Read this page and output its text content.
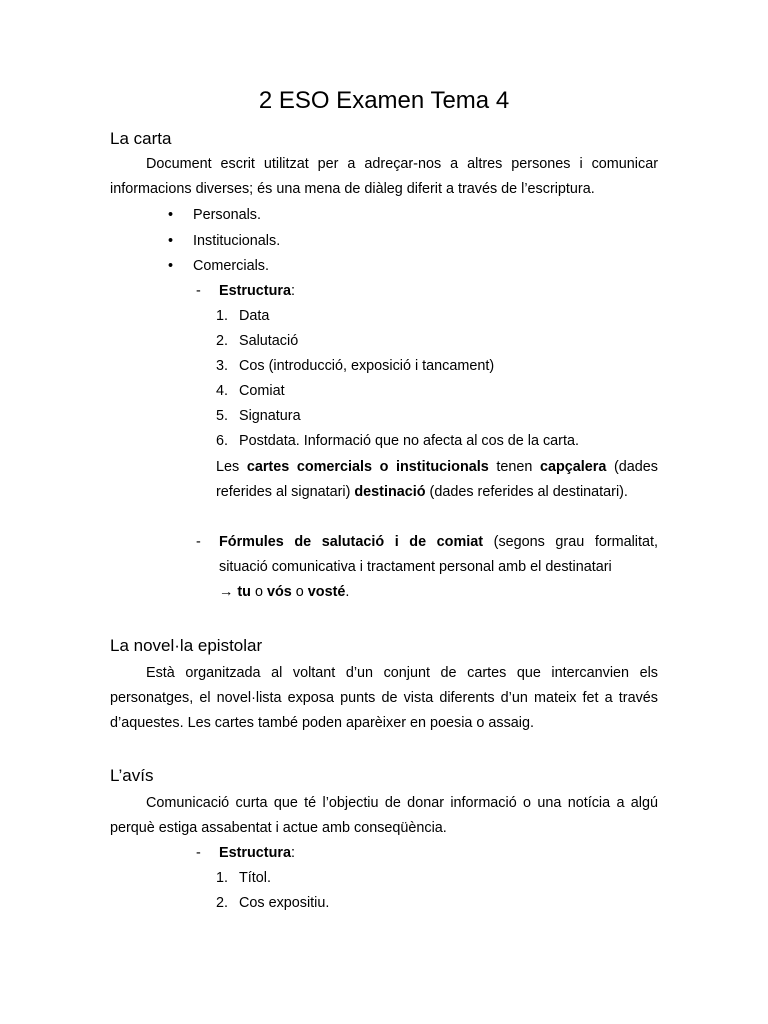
2 ESO Examen Tema 4
La carta
Document escrit utilitzat per a adreçar-nos a altres persones i comunicar informacions diverses; és una mena de diàleg diferit a través de l’escriptura.
• Personals.
• Institucionals.
• Comercials.
- Estructura:
1. Data
2. Salutació
3. Cos (introducció, exposició i tancament)
4. Comiat
5. Signatura
6. Postdata. Informació que no afecta al cos de la carta.
Les cartes comercials o institucionals tenen capçalera (dades referides al signatari) destinació (dades referides al destinatari).
- Fórmules de salutació i de comiat (segons grau formalitat, situació comunicativa i tractament personal amb el destinatari
→ tu o vós o vosté.
La novel·la epistolar
Està organitzada al voltant d’un conjunt de cartes que intercanvien els personatges, el novel·lista exposa punts de vista diferents d’un mateix fet a través d’aquestes. Les cartes també poden aparèixer en poesia o assaig.
L’avís
Comunicació curta que té l’objectiu de donar informació o una notícia a algú perquè estiga assabentat i actue amb conseqüència.
- Estructura:
1. Títol.
2. Cos expositiu.
